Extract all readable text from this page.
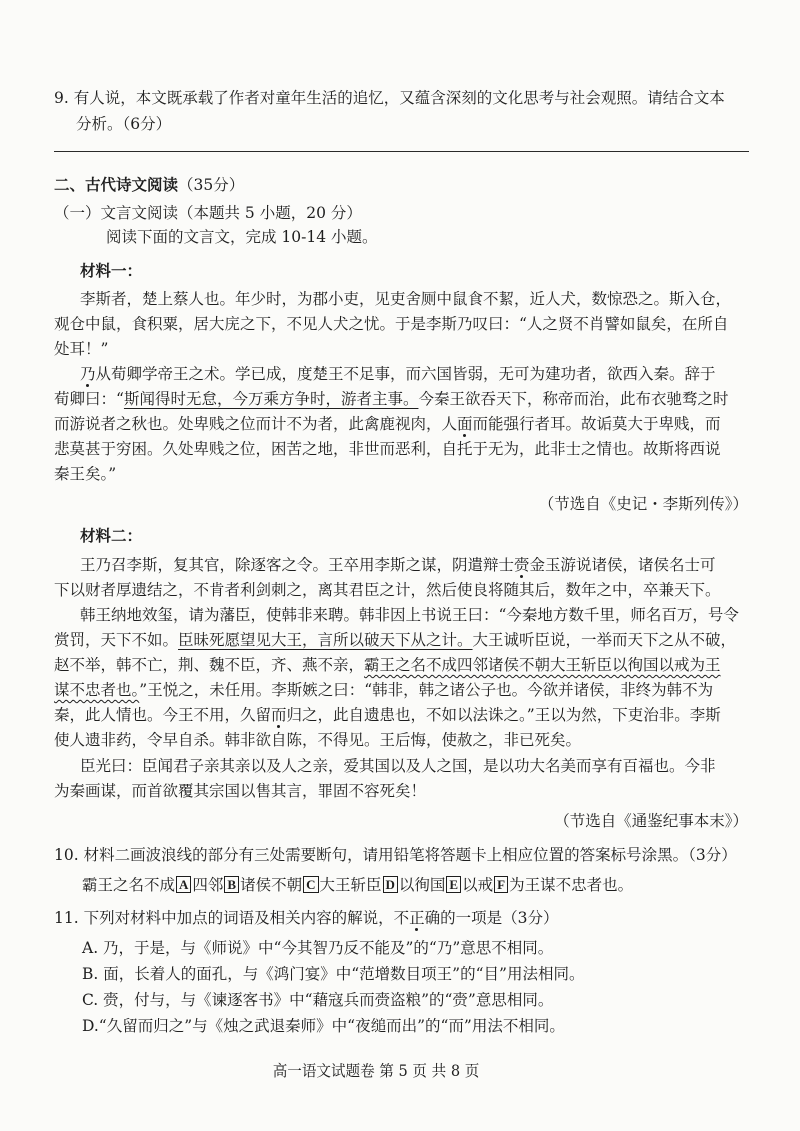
9. 有人说，本文既承载了作者对童年生活的追忆，又蕴含深刻的文化思考与社会观照。请结合文本
分析。（6分）
二、古代诗文阅读（35分）
（一）文言文阅读（本题共 5 小题，20 分）
阅读下面的文言文，完成 10-14 小题。
材料一：
李斯者，楚上蔡人也。年少时，为郡小吏，见吏舍厕中鼠食不絜，近人犬，数惊恐之。斯入仓，
观仓中鼠，食积粟，居大庑之下，不见人犬之忧。于是李斯乃叹曰：“人之贤不肖譬如鼠矣，在所自
处耳！”
乃从荀卿学帝王之术。学已成，度楚王不足事，而六国皆弱，无可为建功者，欲西入秦。辞于
荀卿曰：“斯闻得时无怠，今万乘方争时，游者主事。今秦王欲吞天下，称帝而治，此布衣驰骛之时
而游说者之秋也。处卑贱之位而计不为者，此禽鹿视肉，人面而能强行者耳。故诟莫大于卑贱，而
悲莫甚于穷困。久处卑贱之位，困苦之地，非世而恶利，自托于无为，此非士之情也。故斯将西说
秦王矣。”
（节选自《史记・李斯列传》）
材料二：
王乃召李斯，复其官，除逐客之令。王卒用李斯之谋，阴遣辩士赍金玉游说诸侯，诸侯名士可
下以财者厚遗结之，不肯者利剑刺之，离其君臣之计，然后使良将随其后，数年之中，卒兼天下。
韩王纳地效玺，请为藩臣，使韩非来聘。韩非因上书说王曰：“今秦地方数千里，师名百万，号令
赏罚，天下不如。臣昧死愿望见大王，言所以破天下从之计。大王诚听臣说，一举而天下之从不破，
赵不举，韩不亡，荆、魏不臣，齐、燕不亲，霸王之名不成四邻诸侯不朝大王斩臣以徇国以戒为王
谋不忠者也。”王悦之，未任用。李斯嫉之曰：“韩非，韩之诸公子也。今欲并诸侯，非终为韩不为
秦，此人情也。今王不用，久留而归之，此自遗患也，不如以法诛之。”王以为然，下吏治非。李斯
使人遗非药，令早自杀。韩非欲自陈，不得见。王后悔，使赦之，非已死矣。
臣光曰：臣闻君子亲其亲以及人之亲，爱其国以及人之国，是以功大名美而享有百福也。今非
为秦画谋，而首欲覆其宗国以售其言，罪固不容死矣！
（节选自《通鉴纪事本末》）
10. 材料二画波浪线的部分有三处需要断句，请用铅笔将答题卡上相应位置的答案标号涂黑。（3分）
霸王之名不成 A 四邻 B 诸侯不朝 C 大王斩臣 D 以徇国 E 以戒 F 为王谋不忠者也。
11. 下列对材料中加点的词语及相关内容的解说，不正确的一项是（3分）
A. 乃，于是，与《师说》中“今其智乃反不能及”的“乃”意思不相同。
B. 面，长着人的面孔，与《鸿门宴》中“范增数目项王”的“目”用法相同。
C. 赍，付与，与《谏逐客书》中“藉寇兵而赍盗粮”的“赍”意思相同。
D.“久留而归之”与《烛之武退秦师》中“夜缒而出”的“而”用法不相同。
高一语文试题卷 第 5 页 共 8 页
